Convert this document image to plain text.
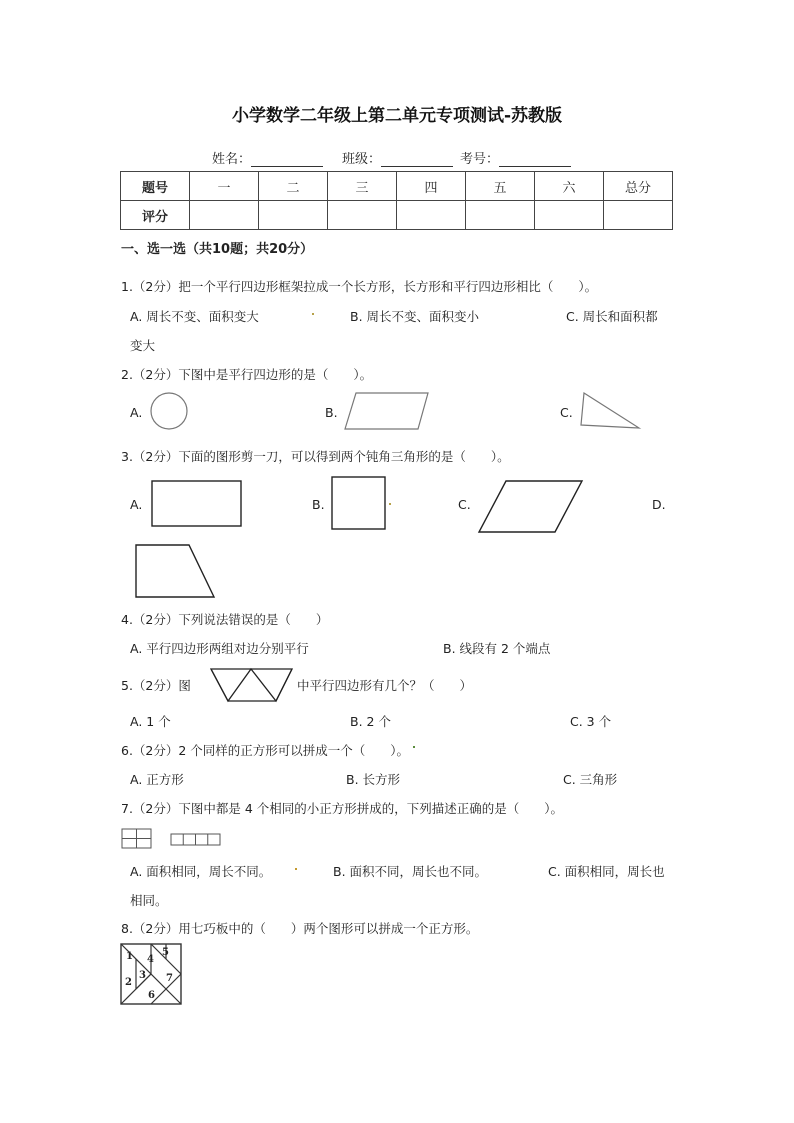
小学数学二年级上第二单元专项测试-苏教版
姓名：	班级：	考号：
题号	一	二	三	四	五	六	总分
评分							
一、选一选（共10题；共20分）
1.（2分）把一个平行四边形框架拉成一个长方形，长方形和平行四边形相比（　　）。
A. 周长不变、面积变大	B. 周长不变、面积变小	C. 周长和面积都
变大
2.（2分）下图中是平行四边形的是（　　）。
A.	B.	C.
3.（2分）下面的图形剪一刀，可以得到两个钝角三角形的是（　　）。
A.	B.	C.	D.
4.（2分）下列说法错误的是（　　）
A. 平行四边形两组对边分别平行	B. 线段有 2 个端点
5.（2分）图	中平行四边形有几个？（　　）
A. 1 个	B. 2 个	C. 3 个
6.（2分）2 个同样的正方形可以拼成一个（　　）。
A. 正方形	B. 长方形	C. 三角形
7.（2分）下图中都是 4 个相同的小正方形拼成的，下列描述正确的是（　　）。
A. 面积相同，周长不同。	B. 面积不同，周长也不同。	C. 面积相同，周长也
相同。
8.（2分）用七巧板中的（　　）两个图形可以拼成一个正方形。
1
2
3
4
5
6
7
